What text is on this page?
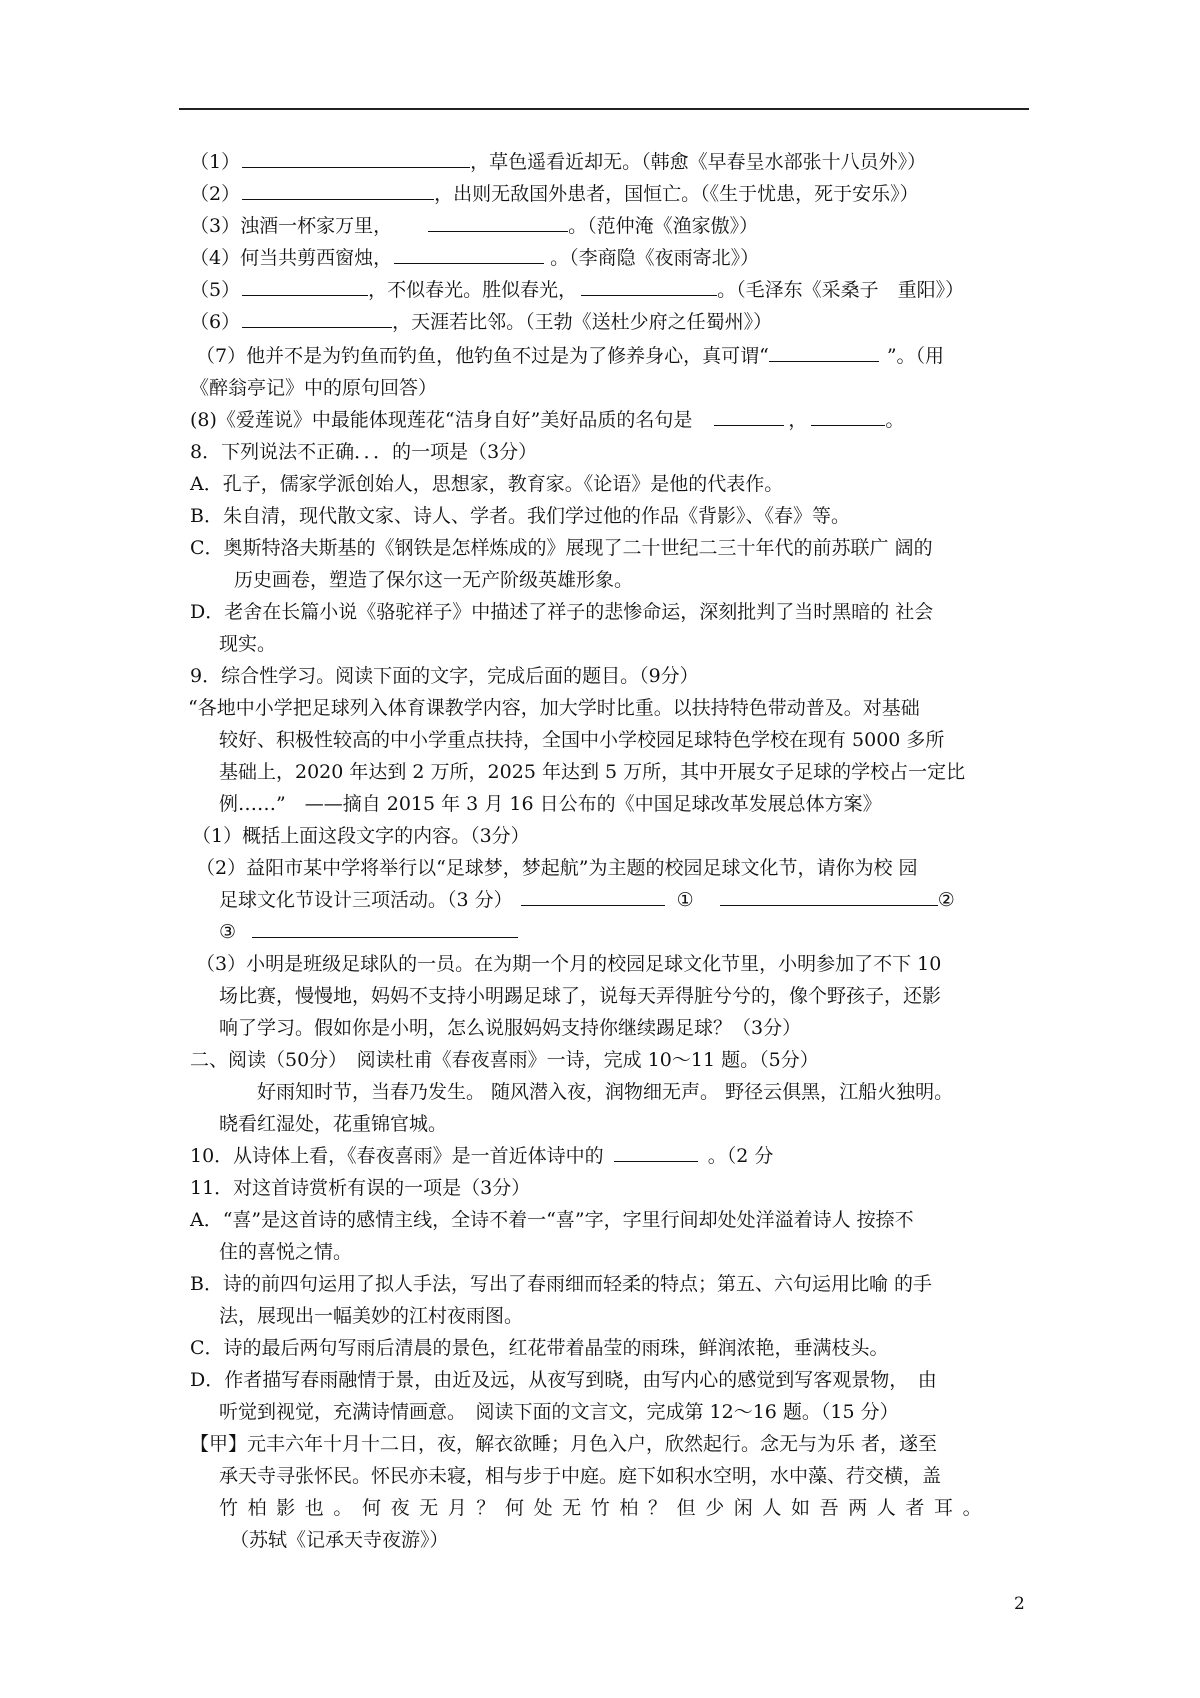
（1）	，草色遥看近却无。（韩愈《早春呈水部张十八员外》）
（2）	，出则无敌国外患者，国恒亡。（《生于忧患，死于安乐》）
（3）浊酒一杯家万里，	。（范仲淹《渔家傲》）
（4）何当共剪西窗烛，	。（李商隐《夜雨寄北》）
（5）	，不似春光。胜似春光，	。（毛泽东《采桑子　重阳》）
（6）	，天涯若比邻。（王勃《送杜少府之任蜀州》）
（7）他并不是为钓鱼而钓鱼，他钓鱼不过是为了修养身心，真可谓“	”。（用
《醉翁亭记》中的原句回答）
(8)《爱莲说》中最能体现莲花“洁身自好”美好品质的名句是	，	。
8．下列说法不正确．．．的一项是（3分）
A．孔子，儒家学派创始人，思想家，教育家。《论语》是他的代表作。
B．朱自清，现代散文家、诗人、学者。我们学过他的作品《背影》、《春》等。
C．奥斯特洛夫斯基的《钢铁是怎样炼成的》展现了二十世纪二三十年代的前苏联广 阔的
历史画卷，塑造了保尔这一无产阶级英雄形象。
D．老舍在长篇小说《骆驼祥子》中描述了祥子的悲惨命运，深刻批判了当时黑暗的 社会
现实。
9．综合性学习。阅读下面的文字，完成后面的题目。（9分）
“各地中小学把足球列入体育课教学内容，加大学时比重。以扶持特色带动普及。对基础
较好、积极性较高的中小学重点扶持，全国中小学校园足球特色学校在现有 5000 多所
基础上，2020 年达到 2 万所，2025 年达到 5 万所，其中开展女子足球的学校占一定比
例……”　——摘自 2015 年 3 月 16 日公布的《中国足球改革发展总体方案》
（1）概括上面这段文字的内容。（3分）
（2）益阳市某中学将举行以“足球梦，梦起航”为主题的校园足球文化节，请你为校 园
足球文化节设计三项活动。（3 分）	①	②
③
（3）小明是班级足球队的一员。在为期一个月的校园足球文化节里，小明参加了不下 10
场比赛，慢慢地，妈妈不支持小明踢足球了，说每天弄得脏兮兮的，像个野孩子，还影
响了学习。假如你是小明，怎么说服妈妈支持你继续踢足球？（3分）
二、阅读（50分）　阅读杜甫《春夜喜雨》一诗，完成 10～11 题。（5分）
好雨知时节，当春乃发生。 随风潜入夜，润物细无声。 野径云俱黑，江船火独明。
晓看红湿处，花重锦官城。
10．从诗体上看，《春夜喜雨》是一首近体诗中的	。（2 分
11．对这首诗赏析有误的一项是（3分）
A．“喜”是这首诗的感情主线，全诗不着一“喜”字，字里行间却处处洋溢着诗人 按捺不
住的喜悦之情。
B．诗的前四句运用了拟人手法，写出了春雨细而轻柔的特点；第五、六句运用比喻 的手
法，展现出一幅美妙的江村夜雨图。
C．诗的最后两句写雨后清晨的景色，红花带着晶莹的雨珠，鲜润浓艳，垂满枝头。
D．作者描写春雨融情于景，由近及远，从夜写到晓，由写内心的感觉到写客观景物，　由
听觉到视觉，充满诗情画意。　阅读下面的文言文，完成第 12～16 题。（15 分）
【甲】元丰六年十月十二日，夜，解衣欲睡；月色入户，欣然起行。念无与为乐 者，遂至
承天寺寻张怀民。怀民亦未寝，相与步于中庭。庭下如积水空明，水中藻、荇交横，盖
竹柏影也。何夜无月？何处无竹柏？但少闲人如吾两人者耳。
（苏轼《记承天寺夜游》）
2
